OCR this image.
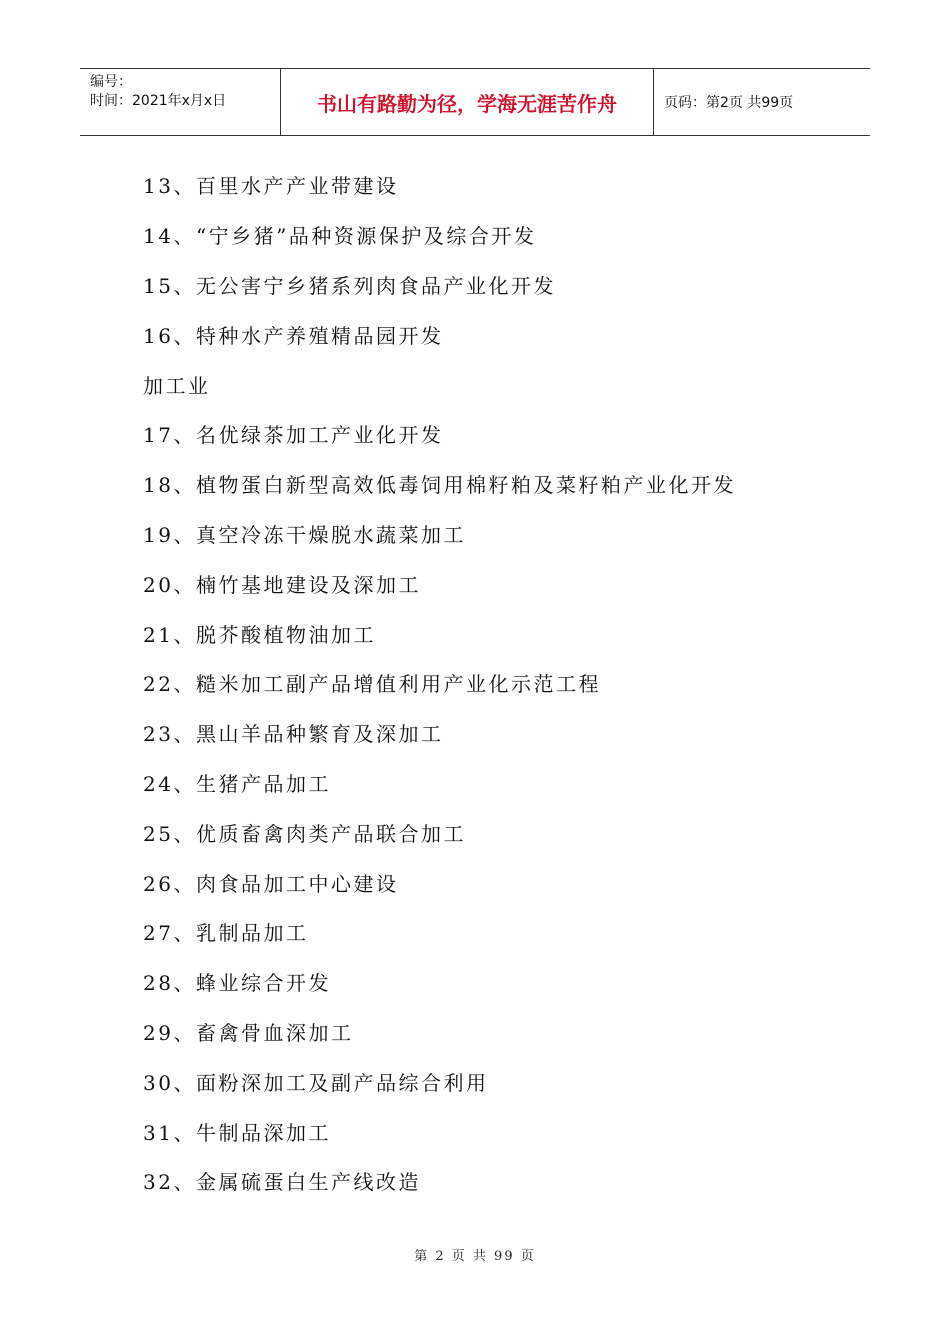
编号：
时间：2021年x月x日	书山有路勤为径，学海无涯苦作舟	页码：第2页 共99页
13、百里水产产业带建设
14、“宁乡猪”品种资源保护及综合开发
15、无公害宁乡猪系列肉食品产业化开发
16、特种水产养殖精品园开发
加工业
17、名优绿茶加工产业化开发
18、植物蛋白新型高效低毒饲用棉籽粕及菜籽粕产业化开发
19、真空冷冻干燥脱水蔬菜加工
20、楠竹基地建设及深加工
21、脱芥酸植物油加工
22、糙米加工副产品增值利用产业化示范工程
23、黑山羊品种繁育及深加工
24、生猪产品加工
25、优质畜禽肉类产品联合加工
26、肉食品加工中心建设
27、乳制品加工
28、蜂业综合开发
29、畜禽骨血深加工
30、面粉深加工及副产品综合利用
31、牛制品深加工
32、金属硫蛋白生产线改造
第 2 页 共 99 页
